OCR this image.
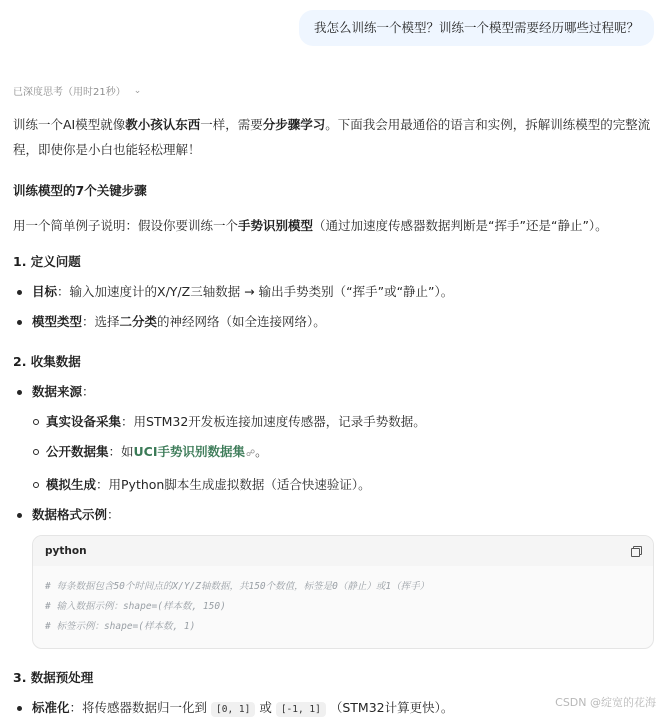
我怎么训练一个模型？训练一个模型需要经历哪些过程呢？
已深度思考（用时21秒） ⌄

训练一个AI模型就像教小孩认东西一样，需要分步骤学习。下面我会用最通俗的语言和实例，拆解训练模型的完整流程，即使你是小白也能轻松理解！

训练模型的7个关键步骤

用一个简单例子说明：假设你要训练一个手势识别模型（通过加速度传感器数据判断是“挥手”还是“静止”）。

1. 定义问题
目标：输入加速度计的X/Y/Z三轴数据 → 输出手势类别（“挥手”或“静止”）。
模型类型：选择二分类的神经网络（如全连接网络）。
2. 收集数据
数据来源：
真实设备采集：用STM32开发板连接加速度传感器，记录手势数据。
公开数据集：如UCI手势识别数据集☍。
模拟生成：用Python脚本生成虚拟数据（适合快速验证）。
数据格式示例：
python
# 每条数据包含50个时间点的X/Y/Z轴数据，共150个数值，标签是0（静止）或1（挥手）
# 输入数据示例：shape=(样本数, 150)
# 标签示例：shape=(样本数, 1)
3. 数据预处理
标准化：将传感器数据归一化到 [0, 1] 或 [-1, 1] （STM32计算更快）。	CSDN @绽宽的花海
